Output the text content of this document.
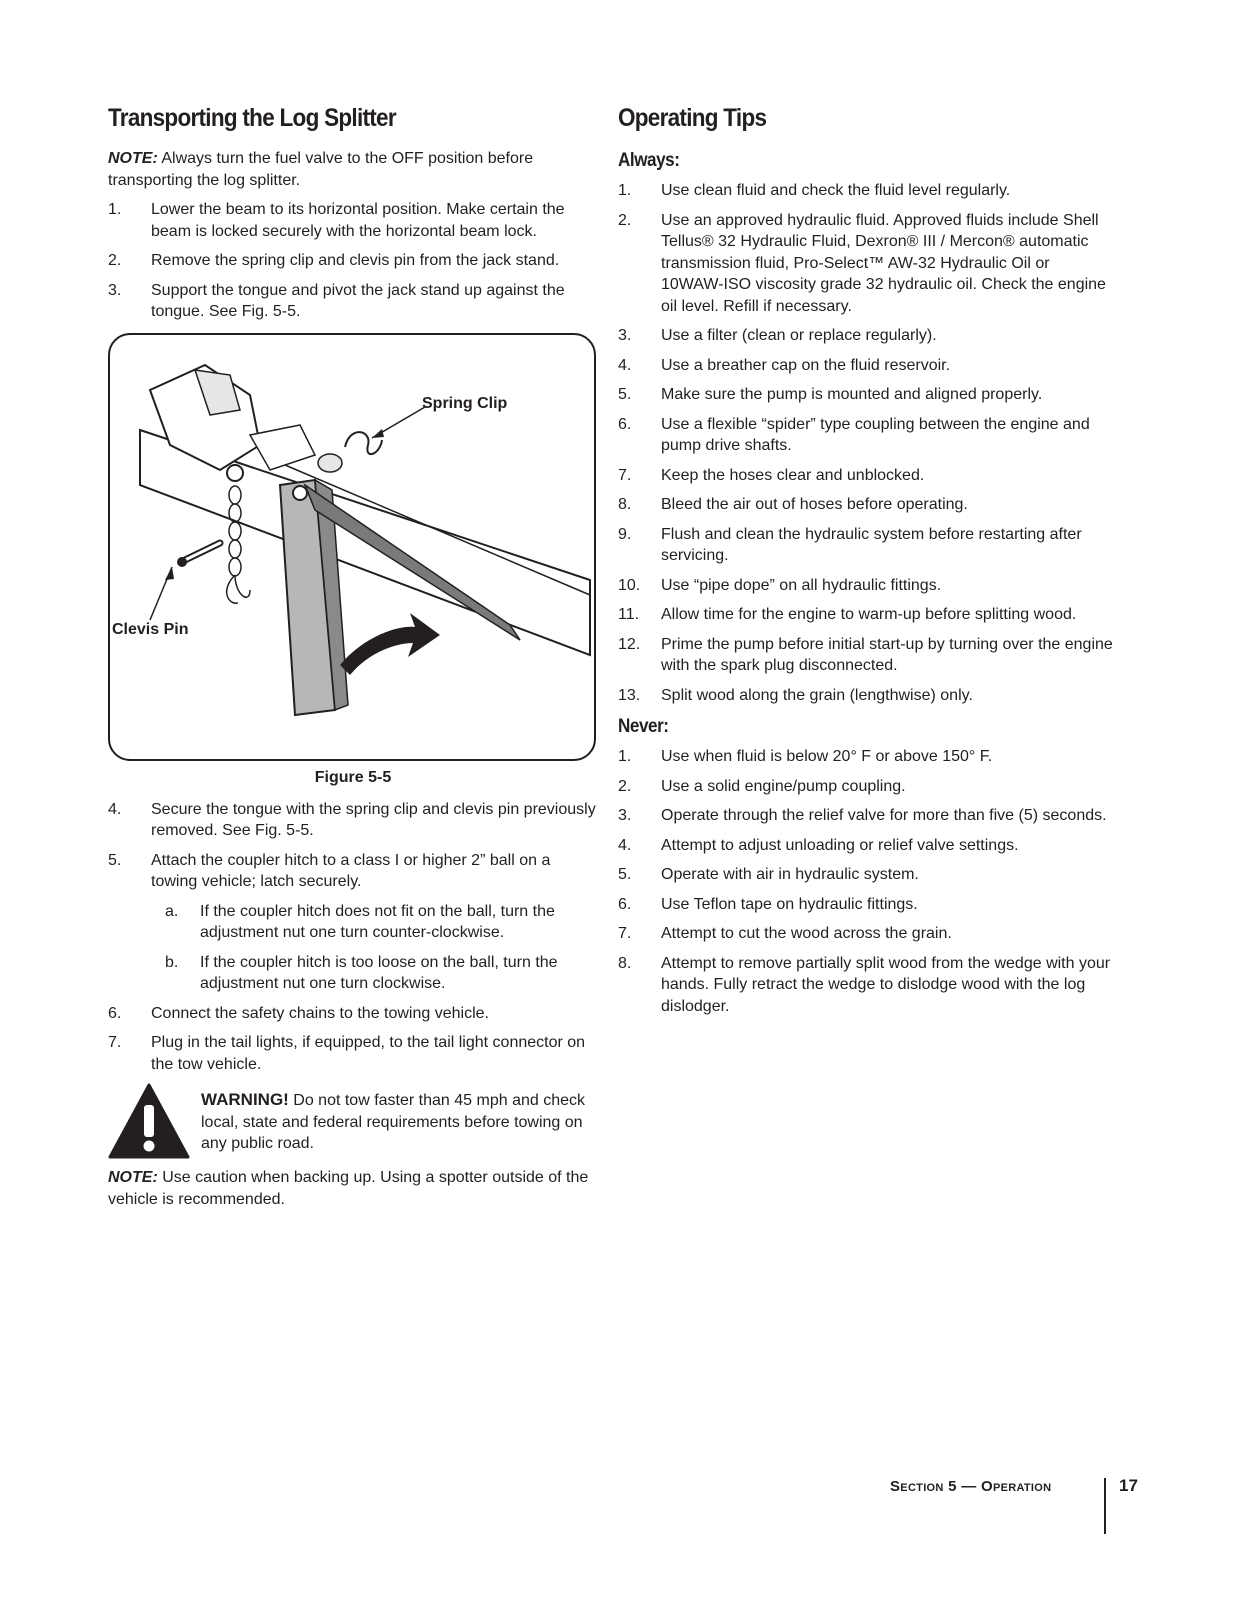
Transporting the Log Splitter

NOTE: Always turn the fuel valve to the OFF position before transporting the log splitter.

1. Lower the beam to its horizontal position. Make certain the beam is locked securely with the horizontal beam lock.
2. Remove the spring clip and clevis pin from the jack stand.
3. Support the tongue and pivot the jack stand up against the tongue. See Fig. 5-5.
Spring Clip
Clevis Pin
Figure 5-5
4. Secure the tongue with the spring clip and clevis pin previously removed. See Fig. 5-5.
5. Attach the coupler hitch to a class I or higher 2” ball on a towing vehicle; latch securely.
a. If the coupler hitch does not fit on the ball, turn the adjustment nut one turn counter-clockwise.
b. If the coupler hitch is too loose on the ball, turn the adjustment nut one turn clockwise.
6. Connect the safety chains to the towing vehicle.
7. Plug in the tail lights, if equipped, to the tail light connector on the tow vehicle.

WARNING! Do not tow faster than 45 mph and check local, state and federal requirements before towing on any public road.

NOTE: Use caution when backing up. Using a spotter outside of the vehicle is recommended.

Operating Tips
Always:
1. Use clean fluid and check the fluid level regularly.
2. Use an approved hydraulic fluid. Approved fluids include Shell Tellus® 32 Hydraulic Fluid, Dexron® III / Mercon® automatic transmission fluid, Pro-Select™ AW-32 Hydraulic Oil or 10WAW-ISO viscosity grade 32 hydraulic oil. Check the engine oil level. Refill if necessary.
3. Use a filter (clean or replace regularly).
4. Use a breather cap on the fluid reservoir.
5. Make sure the pump is mounted and aligned properly.
6. Use a flexible “spider” type coupling between the engine and pump drive shafts.
7. Keep the hoses clear and unblocked.
8. Bleed the air out of hoses before operating.
9. Flush and clean the hydraulic system before restarting after servicing.
10. Use “pipe dope” on all hydraulic fittings.
11. Allow time for the engine to warm-up before splitting wood.
12. Prime the pump before initial start-up by turning over the engine with the spark plug disconnected.
13. Split wood along the grain (lengthwise) only.
Never:
1. Use when fluid is below 20° F or above 150° F.
2. Use a solid engine/pump coupling.
3. Operate through the relief valve for more than five (5) seconds.
4. Attempt to adjust unloading or relief valve settings.
5. Operate with air in hydraulic system.
6. Use Teflon tape on hydraulic fittings.
7. Attempt to cut the wood across the grain.
8. Attempt to remove partially split wood from the wedge with your hands. Fully retract the wedge to dislodge wood with the log dislodger.
Section 5 — Operation	17
